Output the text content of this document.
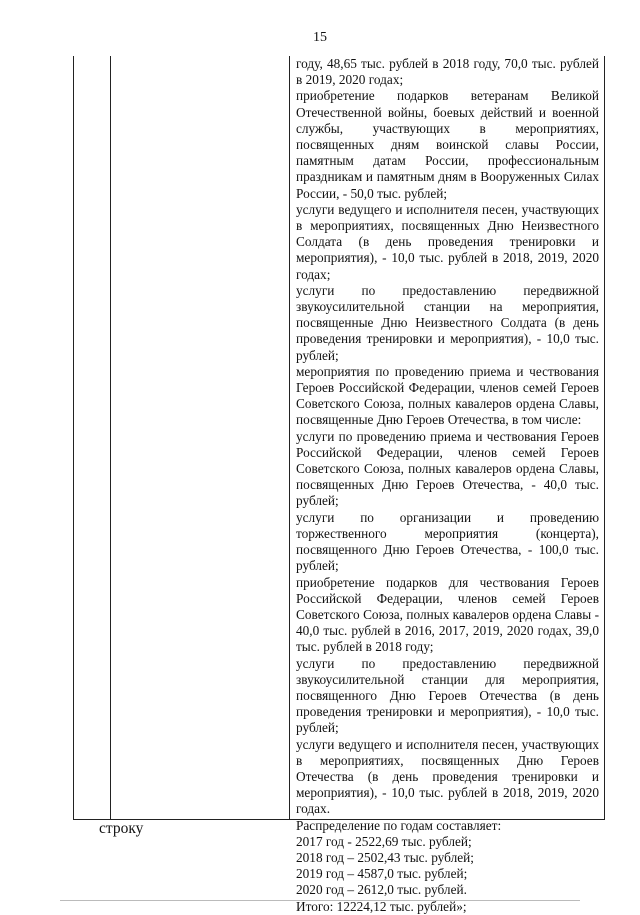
15

году, 48,65 тыс. рублей в 2018 году, 70,0 тыс. рублей в 2019, 2020 годах;

приобретение подарков ветеранам Великой Отечественной войны, боевых действий и военной службы, участвующих в мероприятиях, посвященных дням воинской славы России, памятным датам России, профессиональным праздникам и памятным дням в Вооруженных Силах России, - 50,0 тыс. рублей;

услуги ведущего и исполнителя песен, участвующих в мероприятиях, посвященных Дню Неизвестного Солдата (в день проведения тренировки и мероприятия), - 10,0 тыс. рублей в 2018, 2019, 2020 годах;

услуги по предоставлению передвижной звукоусилительной станции на мероприятия, посвященные Дню Неизвестного Солдата (в день проведения тренировки и мероприятия), - 10,0 тыс. рублей;

мероприятия по проведению приема и чествования Героев Российской Федерации, членов семей Героев Советского Союза, полных кавалеров ордена Славы, посвященные Дню Героев Отечества, в том числе:

услуги по проведению приема и чествования Героев Российской Федерации, членов семей Героев Советского Союза, полных кавалеров ордена Славы, посвященных Дню Героев Отечества, - 40,0 тыс. рублей;

услуги по организации и проведению торжественного мероприятия (концерта), посвященного Дню Героев Отечества, - 100,0 тыс. рублей;

приобретение подарков для чествования Героев Российской Федерации, членов семей Героев Советского Союза, полных кавалеров ордена Славы - 40,0 тыс. рублей в 2016, 2017, 2019, 2020 годах, 39,0 тыс. рублей в 2018 году;

услуги по предоставлению передвижной звукоусилительной станции для мероприятия, посвященного Дню Героев Отечества (в день проведения тренировки и мероприятия), - 10,0 тыс. рублей;

услуги ведущего и исполнителя песен, участвующих в мероприятиях, посвященных Дню Героев Отечества (в день проведения тренировки и мероприятия), - 10,0 тыс. рублей в 2018, 2019, 2020 годах.

Распределение по годам составляет:

2017 год - 2522,69 тыс. рублей;

2018 год – 2502,43 тыс. рублей;

2019 год – 4587,0 тыс. рублей;

2020 год – 2612,0 тыс. рублей.

Итого: 12224,12 тыс. рублей»;

строку
